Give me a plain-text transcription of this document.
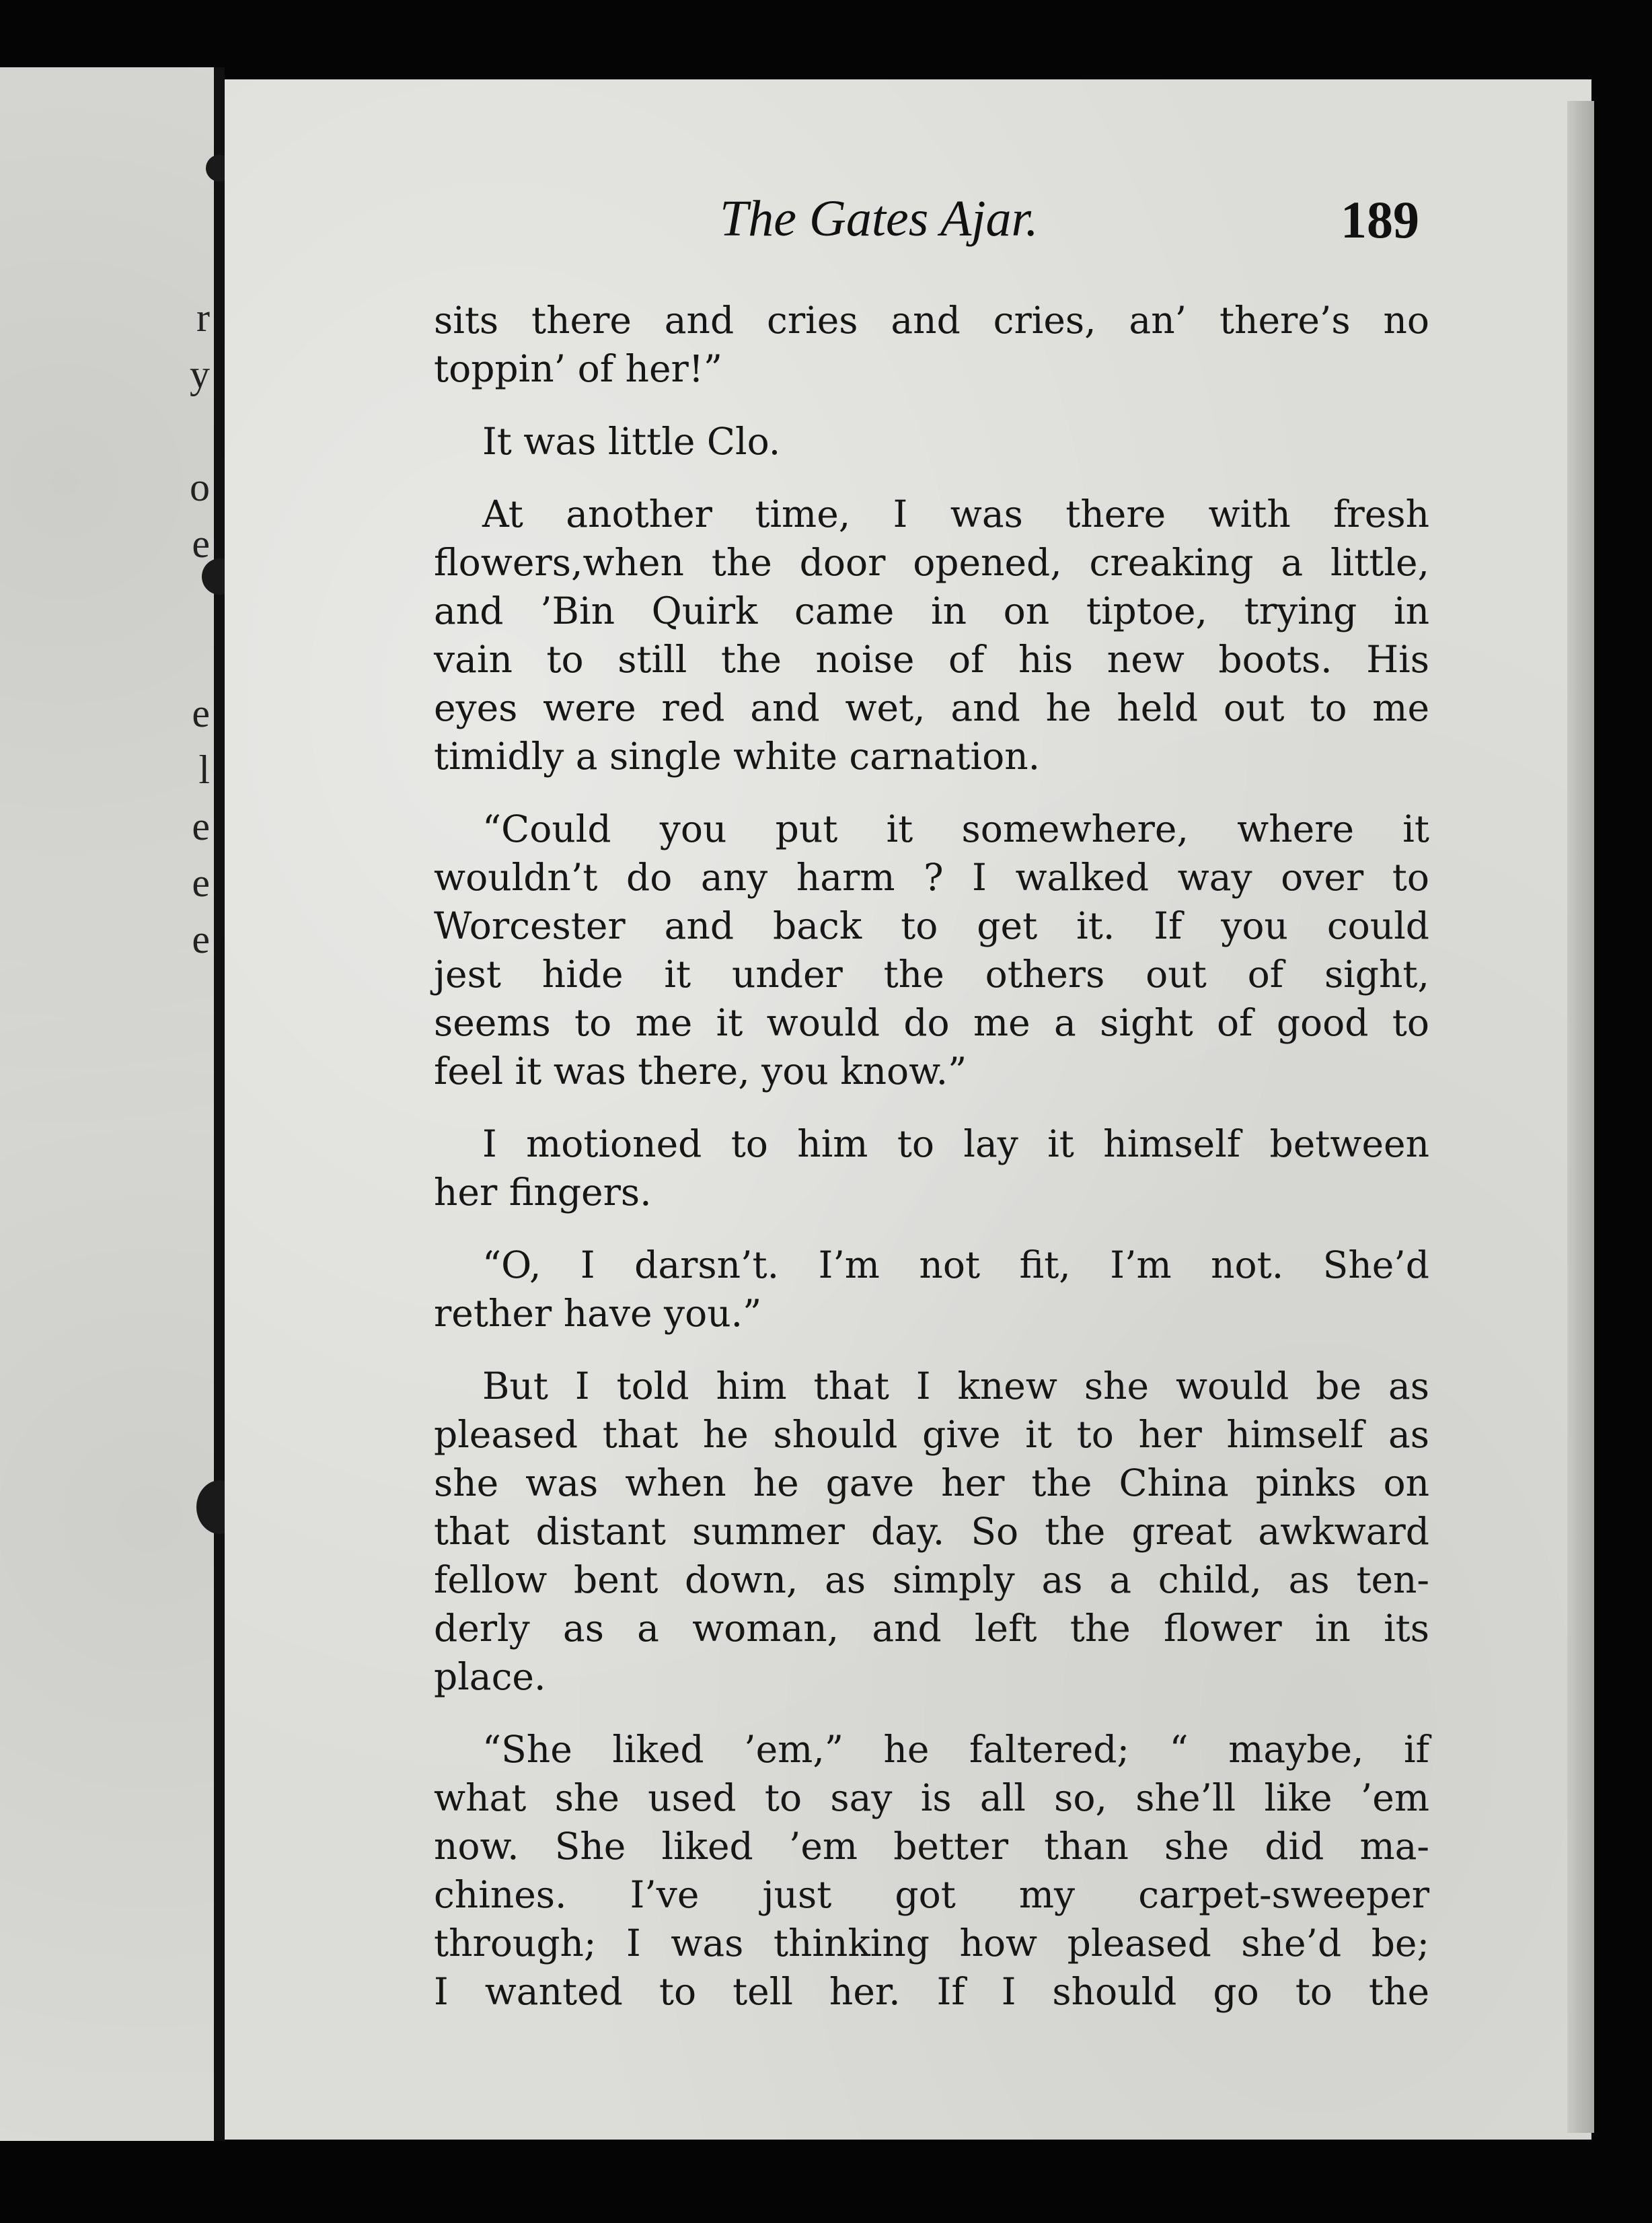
r
y

o
e

e
l
e
e
e
The Gates Ajar.	189
sits there and cries and cries, an’ there’s no
toppin’ of her!”
It was little Clo.
At another time, I was there with fresh
flowers,when the door opened, creaking a little,
and ’Bin Quirk came in on tiptoe, trying in
vain to still the noise of his new boots. His
eyes were red and wet, and he held out to me
timidly a single white carnation.
“Could you put it somewhere, where it
wouldn’t do any harm ? I walked way over to
Worcester and back to get it. If you could
jest hide it under the others out of sight,
seems to me it would do me a sight of good to
feel it was there, you know.”
I motioned to him to lay it himself between
her fingers.
“O, I darsn’t. I’m not fit, I’m not. She’d
rether have you.”
But I told him that I knew she would be as
pleased that he should give it to her himself as
she was when he gave her the China pinks on
that distant summer day. So the great awkward
fellow bent down, as simply as a child, as ten-
derly as a woman, and left the flower in its
place.
“She liked ’em,” he faltered; “ maybe, if
what she used to say is all so, she’ll like ’em
now. She liked ’em better than she did ma-
chines. I’ve just got my carpet-sweeper
through; I was thinking how pleased she’d be;
I wanted to tell her. If I should go to the
